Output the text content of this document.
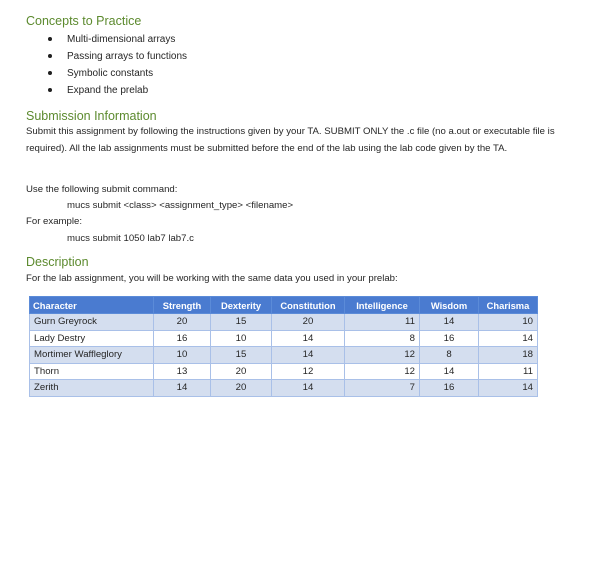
Concepts to Practice
Multi-dimensional arrays
Passing arrays to functions
Symbolic constants
Expand the prelab
Submission Information

Submit this assignment by following the instructions given by your TA. SUBMIT ONLY the .c file (no a.out or executable file is required). All the lab assignments must be submitted before the end of the lab using the lab code given by the TA.

Use the following submit command:

mucs submit <class> <assignment_type> <filename>

For example:

mucs submit 1050 lab7 lab7.c

Description

For the lab assignment, you will be working with the same data you used in your prelab:

Character	Strength	Dexterity	Constitution	Intelligence	Wisdom	Charisma
Gurn Greyrock	20	15	20	11	14	10
Lady Destry	16	10	14	8	16	14
Mortimer Waffleglory	10	15	14	12	8	18
Thorn	13	20	12	12	14	11
Zerith	14	20	14	7	16	14
